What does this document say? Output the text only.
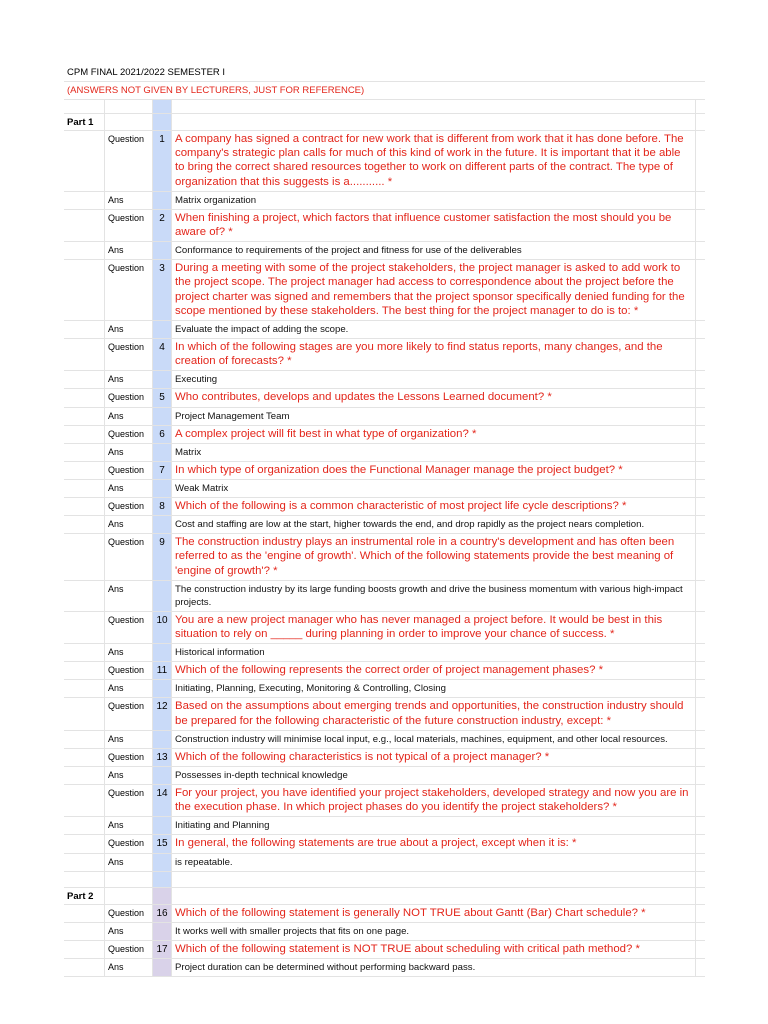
CPM FINAL 2021/2022 SEMESTER I
(ANSWERS NOT GIVEN BY LECTURERS, JUST FOR REFERENCE)
Part 1
Question	1 A company has signed a contract for new work that is different from work that it has done before. The company's strategic plan calls for much of this kind of work in the future. It is important that it be able to bring the correct shared resources together to work on different parts of the contract. The type of organization that this suggests is a........... *
Ans	Matrix organization
Question	2 When finishing a project, which factors that influence customer satisfaction the most should you be aware of? *
Ans	Conformance to requirements of the project and fitness for use of the deliverables
Question	3 During a meeting with some of the project stakeholders, the project manager is asked to add work to the project scope. The project manager had access to correspondence about the project before the project charter was signed and remembers that the project sponsor specifically denied funding for the scope mentioned by these stakeholders. The best thing for the project manager to do is to: *
Ans	Evaluate the impact of adding the scope.
Question	4 In which of the following stages are you more likely to find status reports, many changes, and the creation of forecasts? *
Ans	Executing
Question	5 Who contributes, develops and updates the Lessons Learned document? *
Ans	Project Management Team
Question	6 A complex project will fit best in what type of organization? *
Ans	Matrix
Question	7 In which type of organization does the Functional Manager manage the project budget? *
Ans	Weak Matrix
Question	8 Which of the following is a common characteristic of most project life cycle descriptions? *
Ans	Cost and staffing are low at the start, higher towards the end, and drop rapidly as the project nears completion.
Question	9 The construction industry plays an instrumental role in a country's development and has often been referred to as the 'engine of growth'. Which of the following statements provide the best meaning of 'engine of growth'? *
Ans	The construction industry by its large funding boosts growth and drive the business momentum with various high-impact projects.
Question	10 You are a new project manager who has never managed a project before. It would be best in this situation to rely on _____ during planning in order to improve your chance of success. *
Ans	Historical information
Question	11 Which of the following represents the correct order of project management phases? *
Ans	Initiating, Planning, Executing, Monitoring & Controlling, Closing
Question	12 Based on the assumptions about emerging trends and opportunities, the construction industry should be prepared for the following characteristic of the future construction industry, except: *
Ans	Construction industry will minimise local input, e.g., local materials, machines, equipment, and other local resources.
Question	13 Which of the following characteristics is not typical of a project manager? *
Ans	Possesses in-depth technical knowledge
Question	14 For your project, you have identified your project stakeholders, developed strategy and now you are in the execution phase. In which project phases do you identify the project stakeholders? *
Ans	Initiating and Planning
Question	15 In general, the following statements are true about a project, except when it is: *
Ans	is repeatable.
Part 2
Question	16 Which of the following statement is generally NOT TRUE about Gantt (Bar) Chart schedule? *
Ans	It works well with smaller projects that fits on one page.
Question	17 Which of the following statement is NOT TRUE about scheduling with critical path method? *
Ans	Project duration can be determined without performing backward pass.
